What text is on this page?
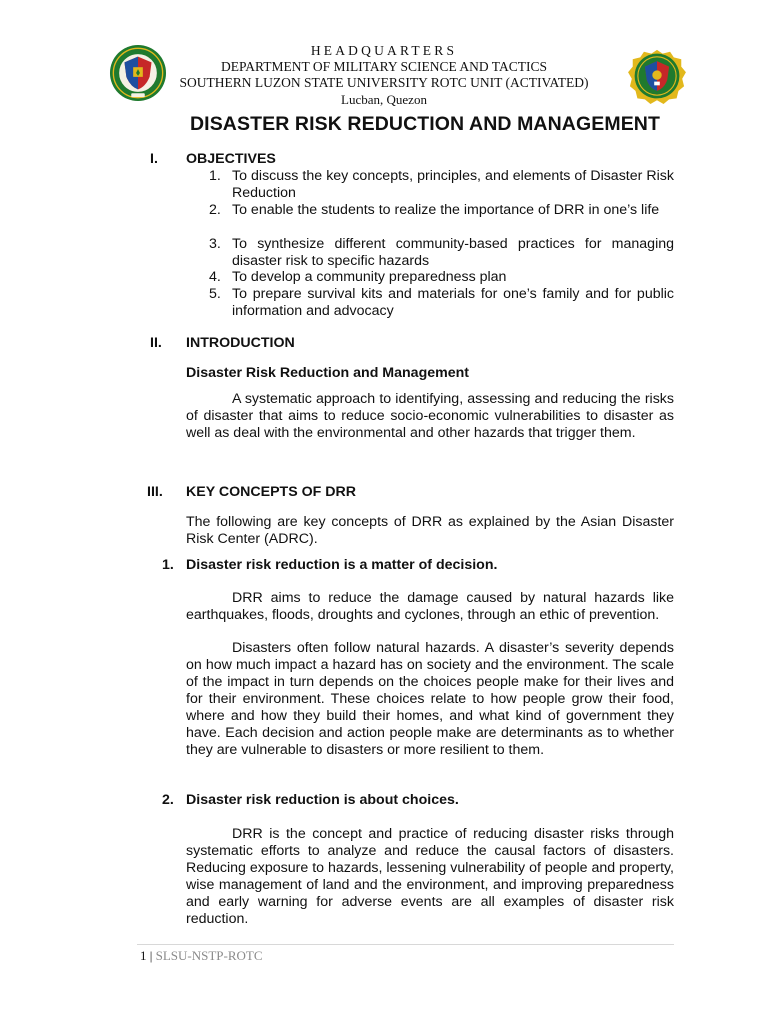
HEADQUARTERS
DEPARTMENT OF MILITARY SCIENCE AND TACTICS
SOUTHERN LUZON STATE UNIVERSITY ROTC UNIT (ACTIVATED)
Lucban, Quezon
DISASTER RISK REDUCTION AND MANAGEMENT
I. OBJECTIVES
1. To discuss the key concepts, principles, and elements of Disaster Risk Reduction
2. To enable the students to realize the importance of DRR in one’s life
3. To synthesize different community-based practices for managing disaster risk to specific hazards
4. To develop a community preparedness plan
5. To prepare survival kits and materials for one’s family and for public information and advocacy
II. INTRODUCTION
Disaster Risk Reduction and Management
A systematic approach to identifying, assessing and reducing the risks of disaster that aims to reduce socio-economic vulnerabilities to disaster as well as deal with the environmental and other hazards that trigger them.
III. KEY CONCEPTS OF DRR
The following are key concepts of DRR as explained by the Asian Disaster Risk Center (ADRC).
1. Disaster risk reduction is a matter of decision.
DRR aims to reduce the damage caused by natural hazards like earthquakes, floods, droughts and cyclones, through an ethic of prevention.
Disasters often follow natural hazards. A disaster’s severity depends on how much impact a hazard has on society and the environment. The scale of the impact in turn depends on the choices people make for their lives and for their environment. These choices relate to how people grow their food, where and how they build their homes, and what kind of government they have. Each decision and action people make are determinants as to whether they are vulnerable to disasters or more resilient to them.
2. Disaster risk reduction is about choices.
DRR is the concept and practice of reducing disaster risks through systematic efforts to analyze and reduce the causal factors of disasters. Reducing exposure to hazards, lessening vulnerability of people and property, wise management of land and the environment, and improving preparedness and early warning for adverse events are all examples of disaster risk reduction.
1 | SLSU-NSTP-ROTC
